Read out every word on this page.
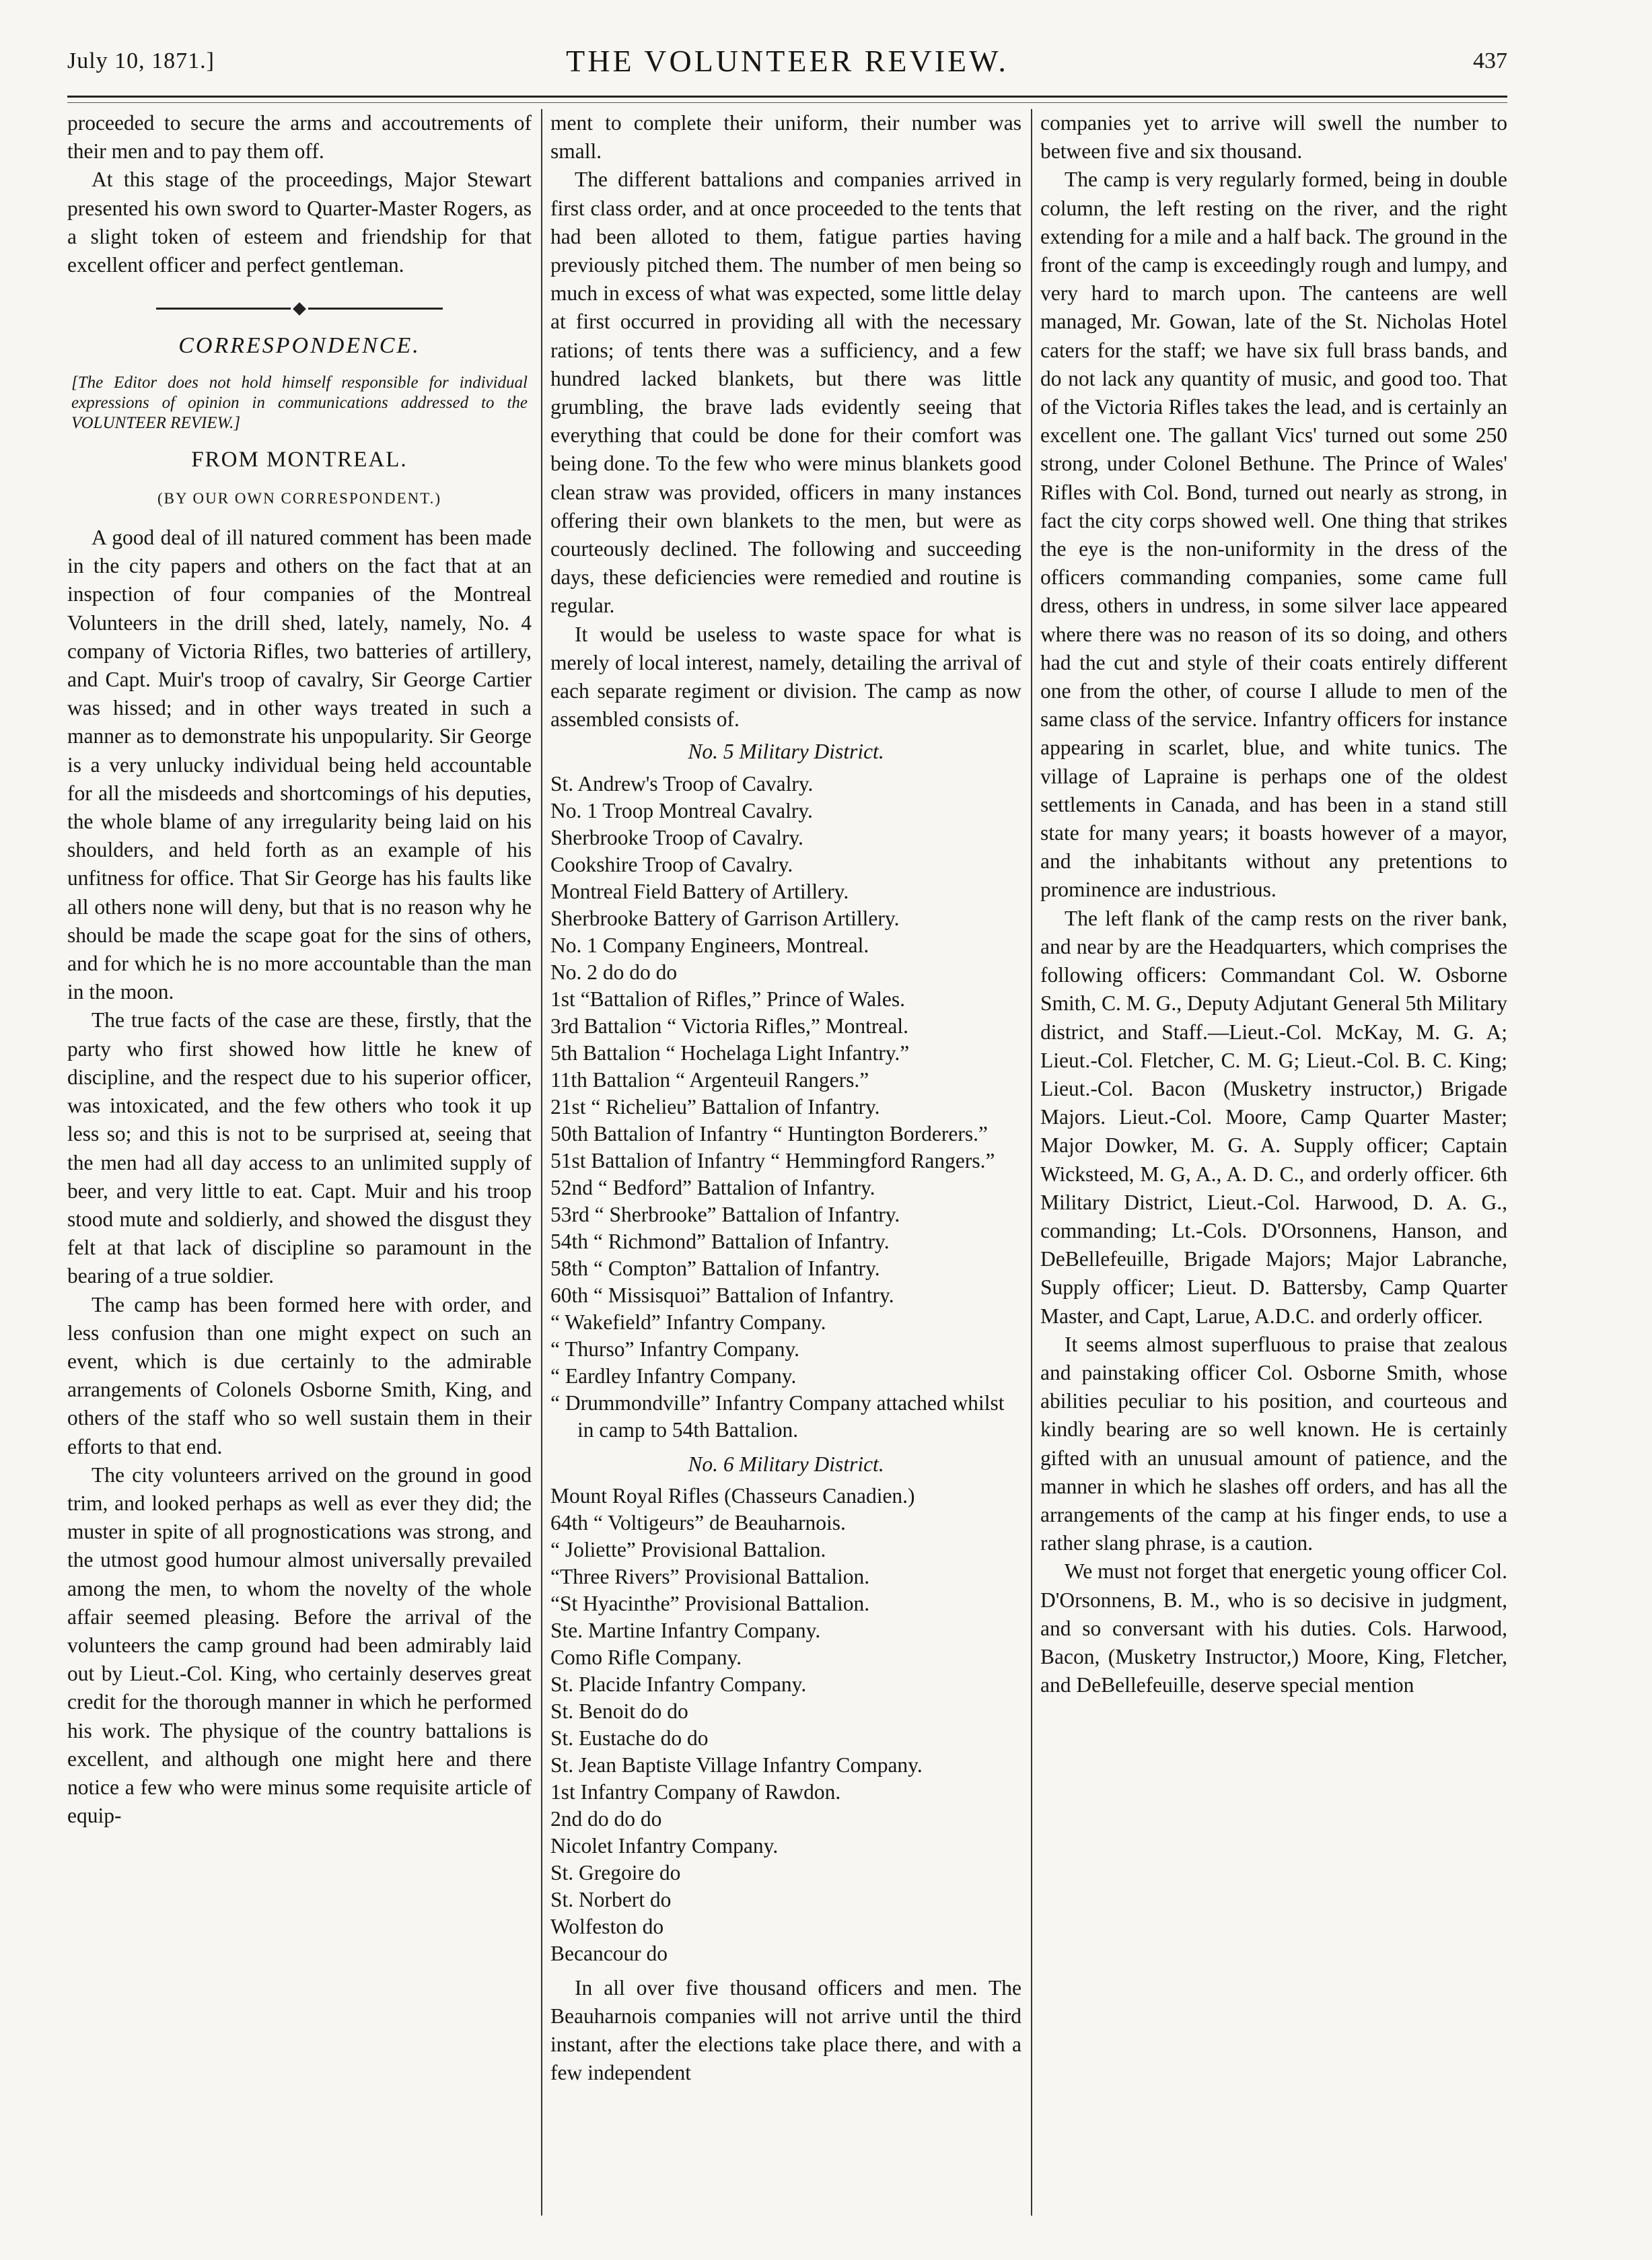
July 10, 1871.]	THE VOLUNTEER REVIEW.	437

proceeded to secure the arms and accoutrements of their men and to pay them off.

At this stage of the proceedings, Major Stewart presented his own sword to Quarter-Master Rogers, as a slight token of esteem and friendship for that excellent officer and perfect gentleman.

CORRESPONDENCE.

[The Editor does not hold himself responsible for individual expressions of opinion in communications addressed to the VOLUNTEER REVIEW.]

FROM MONTREAL.
(BY OUR OWN CORRESPONDENT.)

A good deal of ill natured comment has been made in the city papers and others on the fact that at an inspection of four companies of the Montreal Volunteers in the drill shed, lately, namely, No. 4 company of Victoria Rifles, two batteries of artillery, and Capt. Muir's troop of cavalry, Sir George Cartier was hissed; and in other ways treated in such a manner as to demonstrate his unpopularity. Sir George is a very unlucky individual being held accountable for all the misdeeds and shortcomings of his deputies, the whole blame of any irregularity being laid on his shoulders, and held forth as an example of his unfitness for office. That Sir George has his faults like all others none will deny, but that is no reason why he should be made the scape goat for the sins of others, and for which he is no more accountable than the man in the moon.

The true facts of the case are these, firstly, that the party who first showed how little he knew of discipline, and the respect due to his superior officer, was intoxicated, and the few others who took it up less so; and this is not to be surprised at, seeing that the men had all day access to an unlimited supply of beer, and very little to eat. Capt. Muir and his troop stood mute and soldierly, and showed the disgust they felt at that lack of discipline so paramount in the bearing of a true soldier.

The camp has been formed here with order, and less confusion than one might expect on such an event, which is due certainly to the admirable arrangements of Colonels Osborne Smith, King, and others of the staff who so well sustain them in their efforts to that end.

The city volunteers arrived on the ground in good trim, and looked perhaps as well as ever they did; the muster in spite of all prognostications was strong, and the utmost good humour almost universally prevailed among the men, to whom the novelty of the whole affair seemed pleasing. Before the arrival of the volunteers the camp ground had been admirably laid out by Lieut.-Col. King, who certainly deserves great credit for the thorough manner in which he performed his work. The physique of the country battalions is excellent, and although one might here and there notice a few who were minus some requisite article of equip-

ment to complete their uniform, their number was small.

The different battalions and companies arrived in first class order, and at once proceeded to the tents that had been alloted to them, fatigue parties having previously pitched them. The number of men being so much in excess of what was expected, some little delay at first occurred in providing all with the necessary rations; of tents there was a sufficiency, and a few hundred lacked blankets, but there was little grumbling, the brave lads evidently seeing that everything that could be done for their comfort was being done. To the few who were minus blankets good clean straw was provided, officers in many instances offering their own blankets to the men, but were as courteously declined. The following and succeeding days, these deficiencies were remedied and routine is regular.

It would be useless to waste space for what is merely of local interest, namely, detailing the arrival of each separate regiment or division. The camp as now assembled consists of.

No. 5 Military District.
St. Andrew's Troop of Cavalry.
No. 1 Troop Montreal Cavalry.
Sherbrooke Troop of Cavalry.
Cookshire Troop of Cavalry.
Montreal Field Battery of Artillery.
Sherbrooke Battery of Garrison Artillery.
No. 1 Company Engineers, Montreal.
No. 2 do do do
1st “Battalion of Rifles,” Prince of Wales.
3rd Battalion “ Victoria Rifles,” Montreal.
5th Battalion “ Hochelaga Light Infantry.”
11th Battalion “ Argenteuil Rangers.”
21st “ Richelieu” Battalion of Infantry.
50th Battalion of Infantry “ Huntington Borderers.”
51st Battalion of Infantry “ Hemmingford Rangers.”
52nd “ Bedford” Battalion of Infantry.
53rd “ Sherbrooke” Battalion of Infantry.
54th “ Richmond” Battalion of Infantry.
58th “ Compton” Battalion of Infantry.
60th “ Missisquoi” Battalion of Infantry.
“ Wakefield” Infantry Company.
“ Thurso” Infantry Company.
“ Eardley Infantry Company.
“ Drummondville” Infantry Company attached whilst in camp to 54th Battalion.
No. 6 Military District.
Mount Royal Rifles (Chasseurs Canadien.)
64th “ Voltigeurs” de Beauharnois.
“ Joliette” Provisional Battalion.
“Three Rivers” Provisional Battalion.
“St Hyacinthe” Provisional Battalion.
Ste. Martine Infantry Company.
Como Rifle Company.
St. Placide Infantry Company.
St. Benoit do do
St. Eustache do do
St. Jean Baptiste Village Infantry Company.
1st Infantry Company of Rawdon.
2nd do do do
Nicolet Infantry Company.
St. Gregoire do
St. Norbert do
Wolfeston do
Becancour do

In all over five thousand officers and men. The Beauharnois companies will not arrive until the third instant, after the elections take place there, and with a few independent

companies yet to arrive will swell the number to between five and six thousand.

The camp is very regularly formed, being in double column, the left resting on the river, and the right extending for a mile and a half back. The ground in the front of the camp is exceedingly rough and lumpy, and very hard to march upon. The canteens are well managed, Mr. Gowan, late of the St. Nicholas Hotel caters for the staff; we have six full brass bands, and do not lack any quantity of music, and good too. That of the Victoria Rifles takes the lead, and is certainly an excellent one. The gallant Vics' turned out some 250 strong, under Colonel Bethune. The Prince of Wales' Rifles with Col. Bond, turned out nearly as strong, in fact the city corps showed well. One thing that strikes the eye is the non-uniformity in the dress of the officers commanding companies, some came full dress, others in undress, in some silver lace appeared where there was no reason of its so doing, and others had the cut and style of their coats entirely different one from the other, of course I allude to men of the same class of the service. Infantry officers for instance appearing in scarlet, blue, and white tunics. The village of Lapraine is perhaps one of the oldest settlements in Canada, and has been in a stand still state for many years; it boasts however of a mayor, and the inhabitants without any pretentions to prominence are industrious.

The left flank of the camp rests on the river bank, and near by are the Headquarters, which comprises the following officers: Commandant Col. W. Osborne Smith, C. M. G., Deputy Adjutant General 5th Military district, and Staff.—Lieut.-Col. McKay, M. G. A; Lieut.-Col. Fletcher, C. M. G; Lieut.-Col. B. C. King; Lieut.-Col. Bacon (Musketry instructor,) Brigade Majors. Lieut.-Col. Moore, Camp Quarter Master; Major Dowker, M. G. A. Supply officer; Captain Wicksteed, M. G, A., A. D. C., and orderly officer. 6th Military District, Lieut.-Col. Harwood, D. A. G., commanding; Lt.-Cols. D'Orsonnens, Hanson, and DeBellefeuille, Brigade Majors; Major Labranche, Supply officer; Lieut. D. Battersby, Camp Quarter Master, and Capt, Larue, A.D.C. and orderly officer.

It seems almost superfluous to praise that zealous and painstaking officer Col. Osborne Smith, whose abilities peculiar to his position, and courteous and kindly bearing are so well known. He is certainly gifted with an unusual amount of patience, and the manner in which he slashes off orders, and has all the arrangements of the camp at his finger ends, to use a rather slang phrase, is a caution.

We must not forget that energetic young officer Col. D'Orsonnens, B. M., who is so decisive in judgment, and so conversant with his duties. Cols. Harwood, Bacon, (Musketry Instructor,) Moore, King, Fletcher, and DeBellefeuille, deserve special mention
